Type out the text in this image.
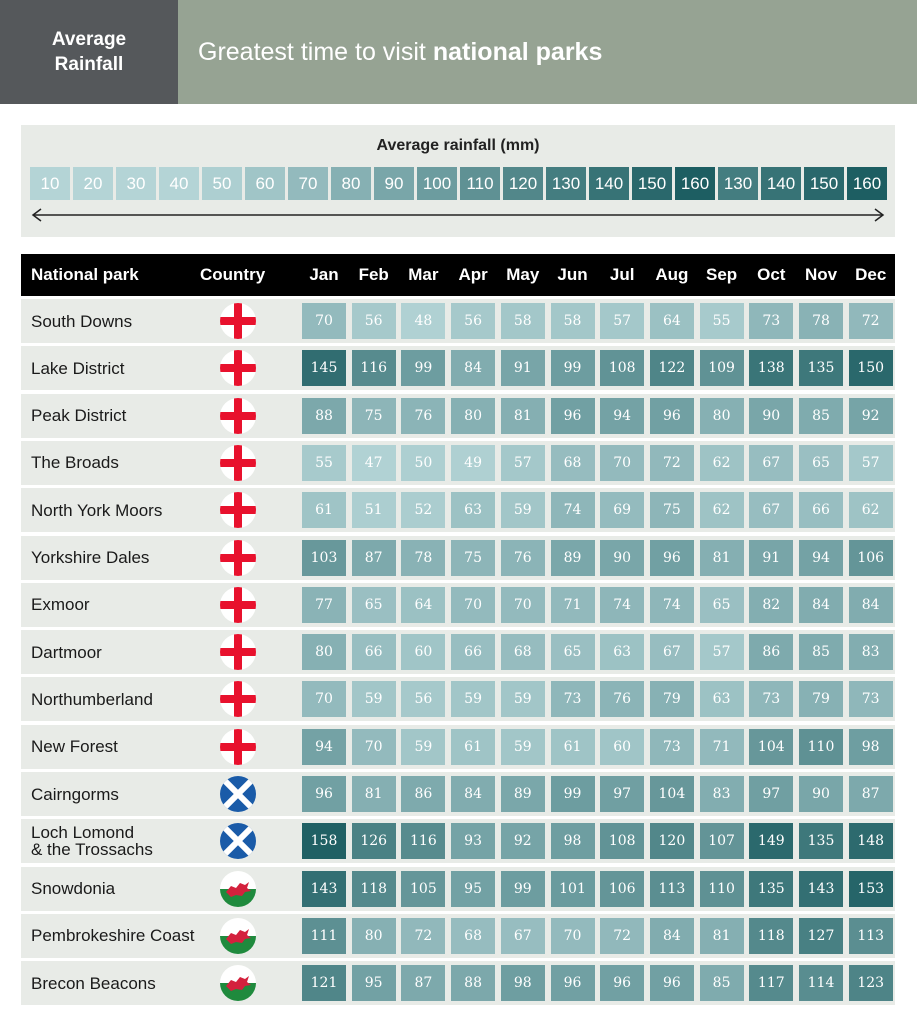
Average
Rainfall	Greatest time to visit national parks
Average rainfall (mm)
10	20	30	40	50	60	70	80	90	100 110 120 130 140 150 160 130 140 150 160
National park	Country	Jan	Feb	Mar	Apr	May	Jun	Jul	Aug	Sep	Oct	Nov	Dec
South Downs	70	56	48	56	58	58	57	64	55	73	78	72
Lake District	145	116	99	84	91	99	108	122	109	138	135	150
Peak District	88	75	76	80	81	96	94	96	80	90	85	92
The Broads	55	47	50	49	57	68	70	72	62	67	65	57
North York Moors	61	51	52	63	59	74	69	75	62	67	66	62
Yorkshire Dales	103	87	78	75	76	89	90	96	81	91	94	106
Exmoor	77	65	64	70	70	71	74	74	65	82	84	84
Dartmoor	80	66	60	66	68	65	63	67	57	86	85	83
Northumberland	70	59	56	59	59	73	76	79	63	73	79	73
New Forest	94	70	59	61	59	61	60	73	71	104	110	98
Cairngorms	96	81	86	84	89	99	97	104	83	97	90	87
Loch Lomond
& the Trossachs	158	126	116	93	92	98	108	120	107	149	135	148
Snowdonia	143	118	105	95	99	101	106	113	110	135	143	153
Pembrokeshire Coast	111	80	72	68	67	70	72	84	81	118	127	113
Brecon Beacons	121	95	87	88	98	96	96	96	85	117	114	123
